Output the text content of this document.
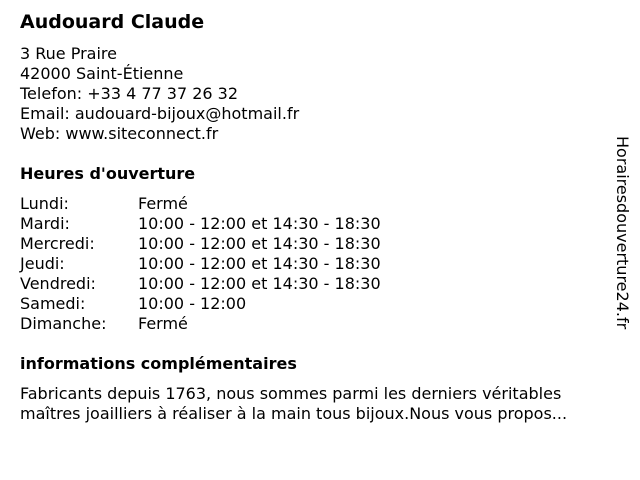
Audouard Claude
3 Rue Praire
42000 Saint-Étienne
Telefon: +33 4 77 37 26 32
Email: audouard-bijoux@hotmail.fr
Web: www.siteconnect.fr
Heures d'ouverture
Lundi:	Fermé
Mardi:	10:00 - 12:00 et 14:30 - 18:30
Mercredi:	10:00 - 12:00 et 14:30 - 18:30
Jeudi:	10:00 - 12:00 et 14:30 - 18:30
Vendredi:	10:00 - 12:00 et 14:30 - 18:30
Samedi:	10:00 - 12:00
Dimanche:	Fermé
informations complémentaires
Fabricants depuis 1763, nous sommes parmi les derniers véritables
maîtres joailliers à réaliser à la main tous bijoux.Nous vous propos...
Horairesdouverture24.fr
